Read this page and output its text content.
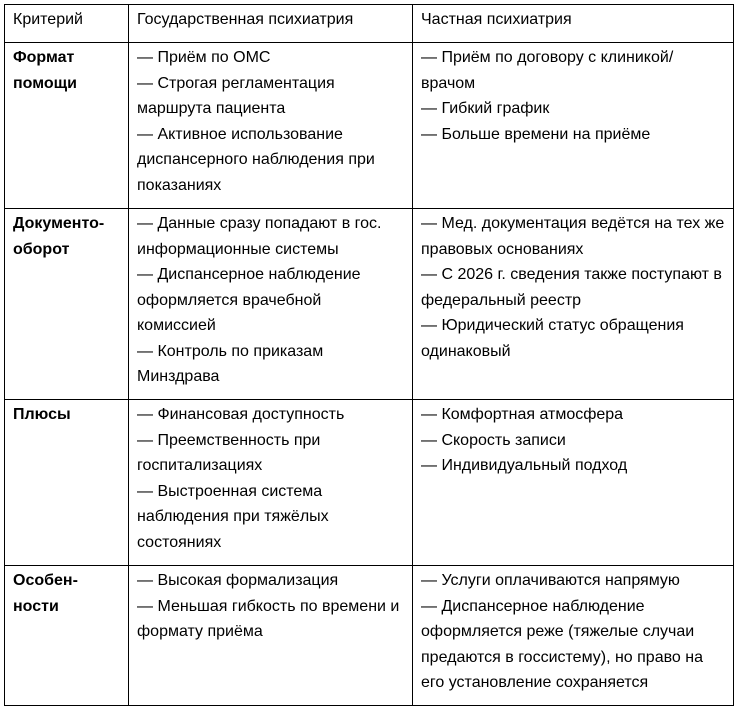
Критерий	Государственная психиатрия	Частная психиатрия

Формат
помощи	— Приём по ОМС
— Строгая регламентация маршрута пациента
— Активное использование диспансерного наблюдения при показаниях	— Приём по договору с клиникой/врачом
— Гибкий график
— Больше времени на приёме

Документо-
оборот	— Данные сразу попадают в гос. информационные системы
— Диспансерное наблюдение оформляется врачебной комиссией
— Контроль по приказам Минздрава	— Мед. документация ведётся на тех же правовых основаниях
— С 2026 г. сведения также поступают в федеральный реестр
— Юридический статус обращения одинаковый

Плюсы	— Финансовая доступность
— Преемственность при госпитализациях
— Выстроенная система наблюдения при тяжёлых состояниях	— Комфортная атмосфера
— Скорость записи
— Индивидуальный подход

Особен-
ности	— Высокая формализация
— Меньшая гибкость по времени и формату приёма	— Услуги оплачиваются напрямую
— Диспансерное наблюдение оформляется реже (тяжелые случаи предаются в госсистему), но право на его установление сохраняется
